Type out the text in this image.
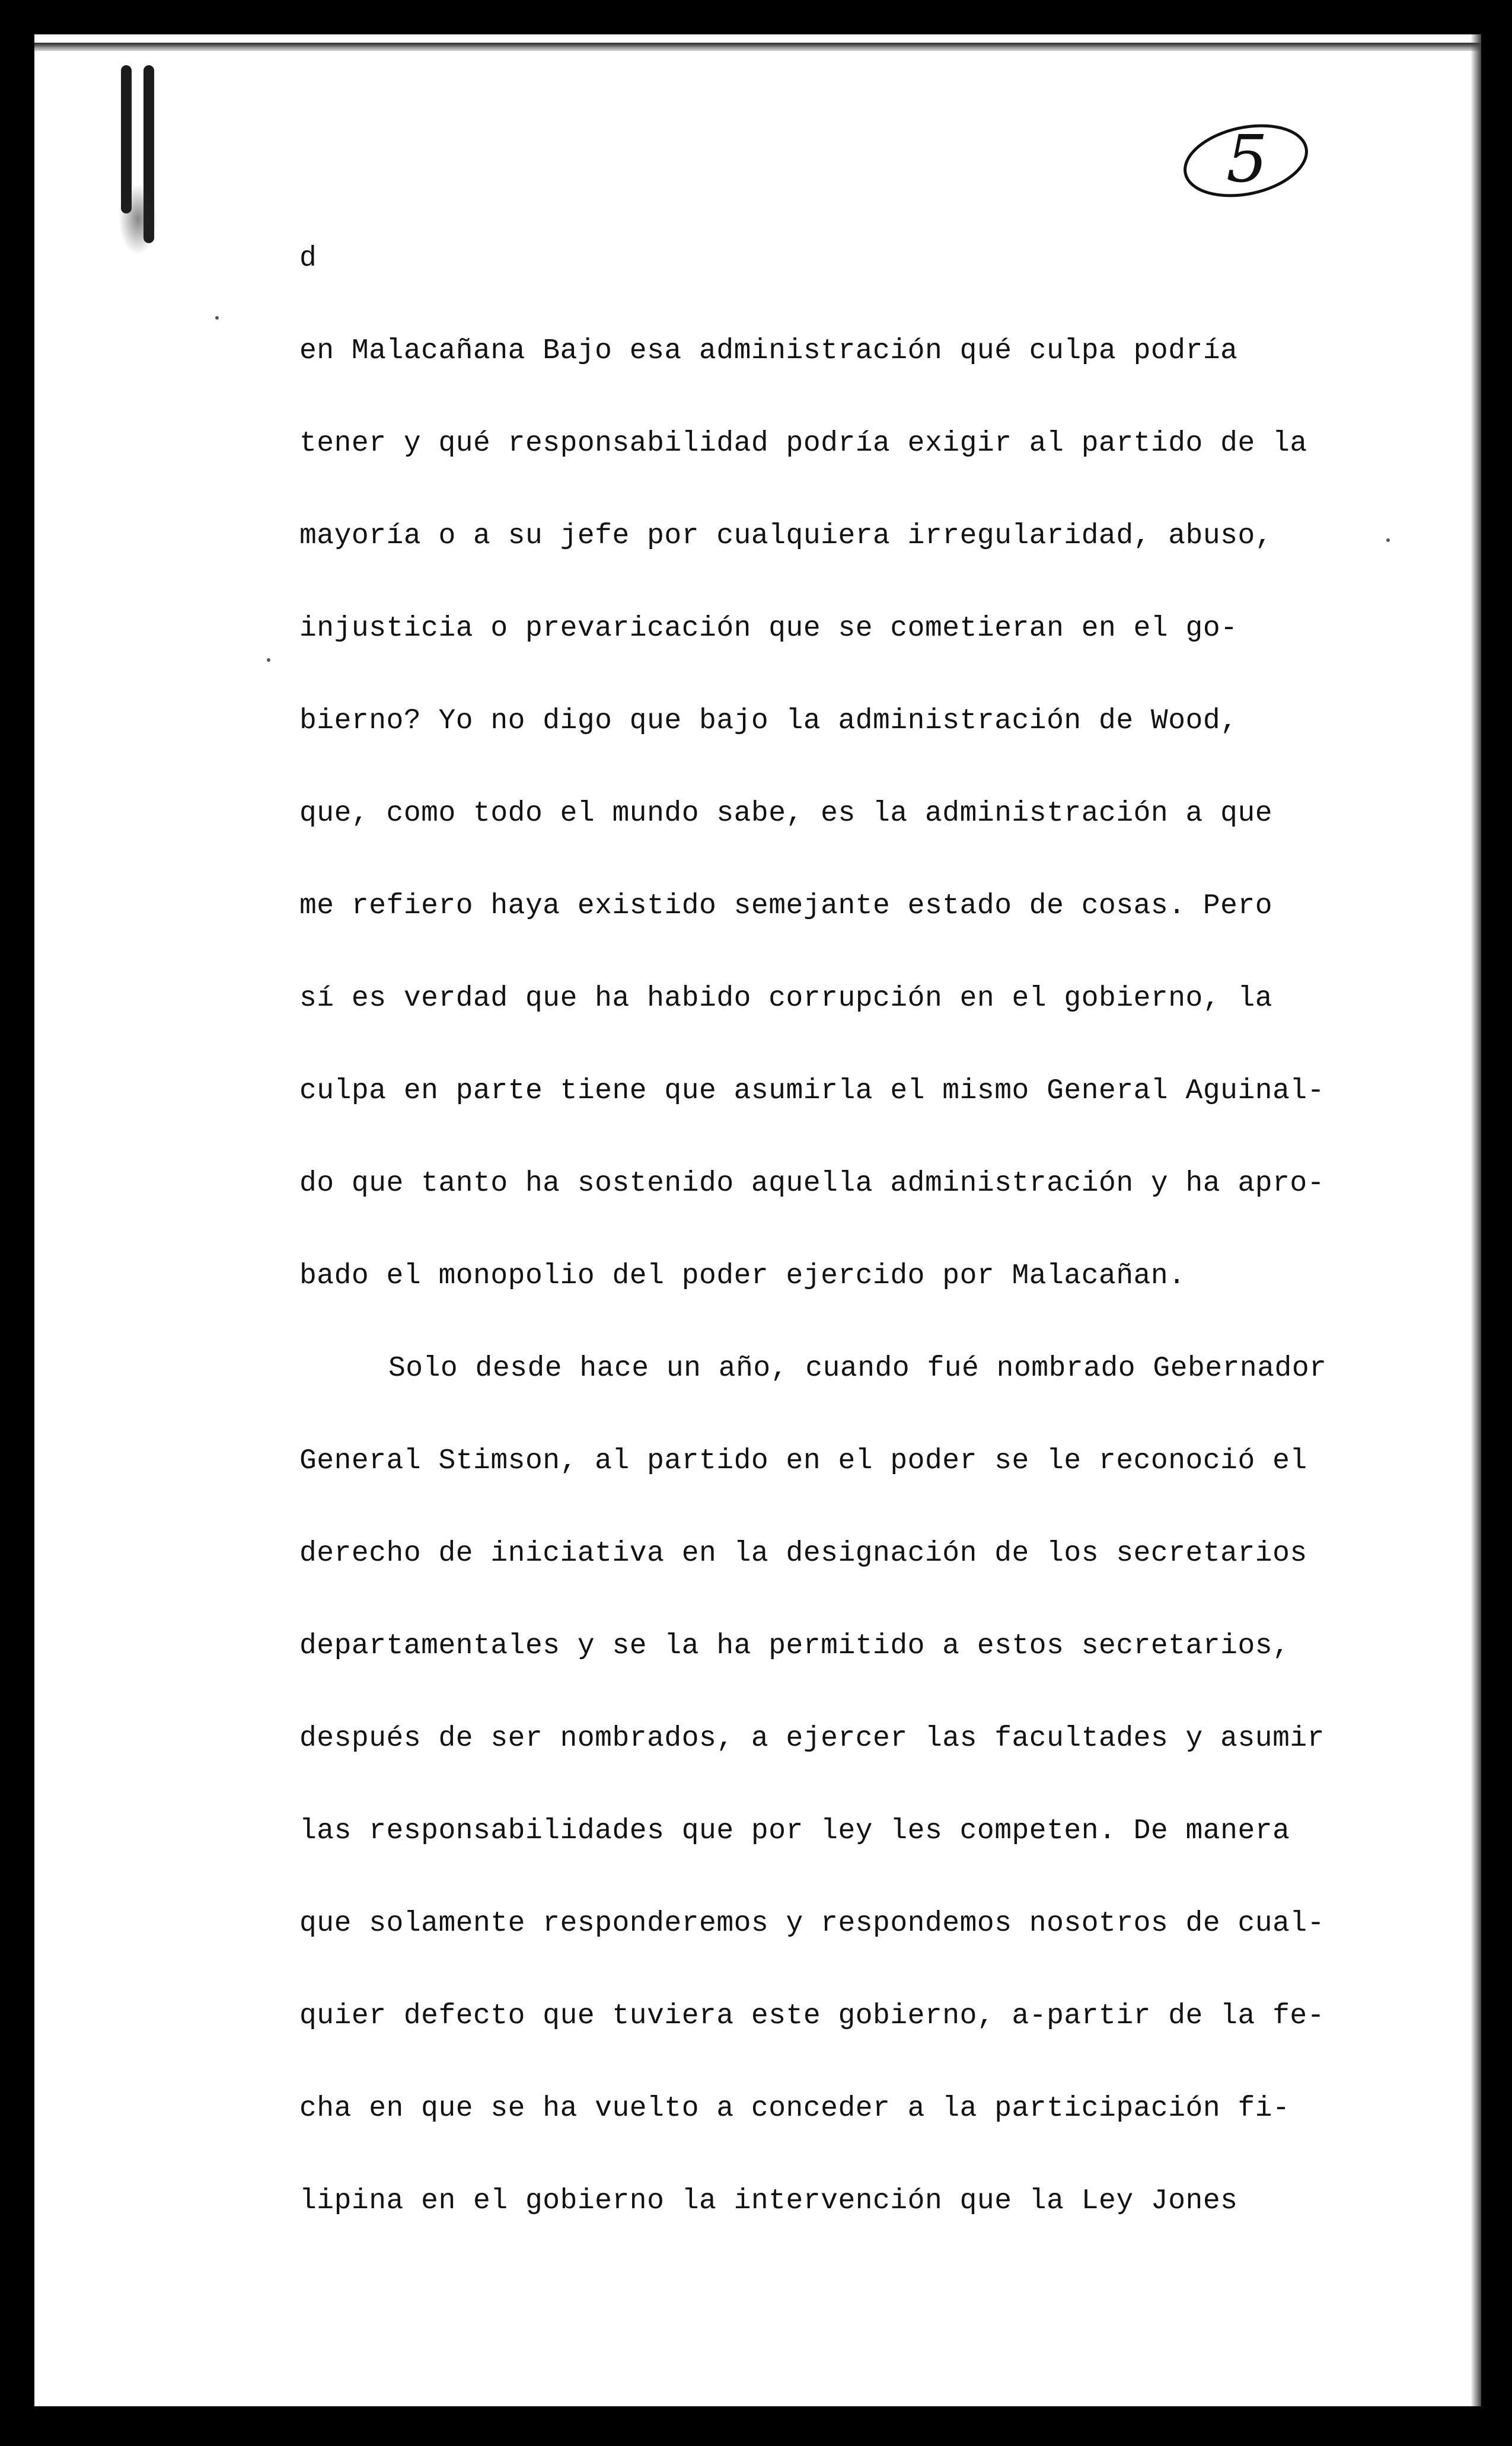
5
d
en Malacañana Bajo esa administración qué culpa podría
tener y qué responsabilidad podría exigir al partido de la
mayoría o a su jefe por cualquiera irregularidad, abuso,
injusticia o prevaricación que se cometieran en el go-
bierno? Yo no digo que bajo la administración de Wood,
que, como todo el mundo sabe, es la administración a que
me refiero haya existido semejante estado de cosas. Pero
sí es verdad que ha habido corrupción en el gobierno, la
culpa en parte tiene que asumirla el mismo General Aguinal-
do que tanto ha sostenido aquella administración y ha apro-
bado el monopolio del poder ejercido por Malacañan.
Solo desde hace un año, cuando fué nombrado Gebernador
General Stimson, al partido en el poder se le reconoció el
derecho de iniciativa en la designación de los secretarios
departamentales y se la ha permitido a estos secretarios,
después de ser nombrados, a ejercer las facultades y asumir
las responsabilidades que por ley les competen. De manera
que solamente responderemos y respondemos nosotros de cual-
quier defecto que tuviera este gobierno, a-partir de la fe-
cha en que se ha vuelto a conceder a la participación fi-
lipina en el gobierno la intervención que la Ley Jones
